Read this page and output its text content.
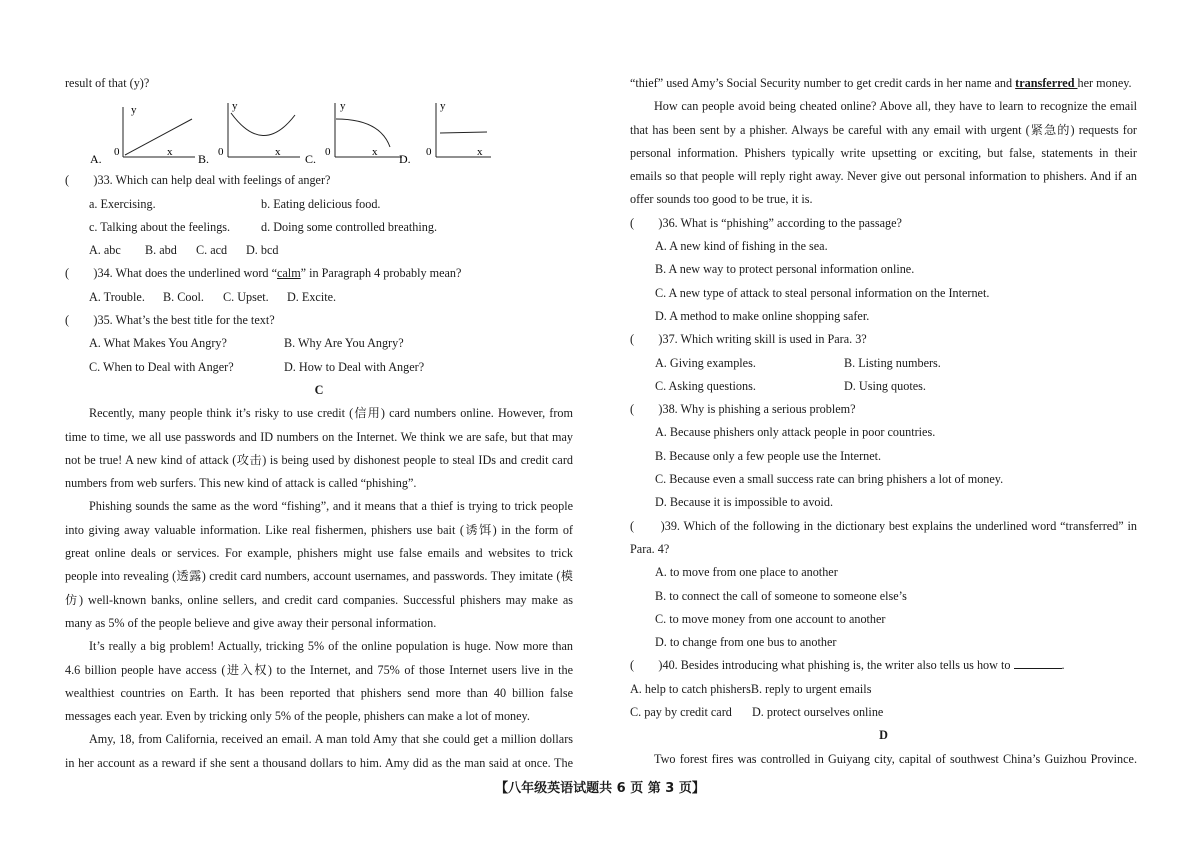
result of that (y)?
A.
y
x
0	B.
y
x
0	C.
y
x
0	D.
y
x
0
(　　)33. Which can help deal with feelings of anger?
a. Exercising.	b. Eating delicious food.
c. Talking about the feelings.	d. Doing some controlled breathing.
A. abc	B. abd	C. acd	D. bcd
(　　)34. What does the underlined word “calm” in Paragraph 4 probably mean?
A. Trouble.	B. Cool.	C. Upset.	D. Excite.
(　　)35. What’s the best title for the text?
A. What Makes You Angry?	B. Why Are You Angry?
C. When to Deal with Anger?	D. How to Deal with Anger?
C
Recently, many people think it’s risky to use credit (信用) card numbers online. However, from
time to time, we all use passwords and ID numbers on the Internet. We think we are safe, but that may
not be true! A new kind of attack (攻击) is being used by dishonest people to steal IDs and credit card
numbers from web surfers. This new kind of attack is called “phishing”.
Phishing sounds the same as the word “fishing”, and it means that a thief is trying to trick people
into giving away valuable information. Like real fishermen, phishers use bait (诱饵) in the form of
great online deals or services. For example, phishers might use false emails and websites to trick
people into revealing (透露) credit card numbers, account usernames, and passwords. They imitate (模
仿) well-known banks, online sellers, and credit card companies. Successful phishers may make as
many as 5% of the people believe and give away their personal information.
It’s really a big problem! Actually, tricking 5% of the online population is huge. Now more than
4.6 billion people have access (进入权) to the Internet, and 75% of those Internet users live in the
wealthiest countries on Earth. It has been reported that phishers send more than 40 billion false
messages each year. Even by tricking only 5% of the people, phishers can make a lot of money.
Amy, 18, from California, received an email. A man told Amy that she could get a million dollars
in her account as a reward if she sent a thousand dollars to him. Amy did as the man said at once. The
“thief” used Amy’s Social Security number to get credit cards in her name and transferred her money.
How can people avoid being cheated online? Above all, they have to learn to recognize the email
that has been sent by a phisher. Always be careful with any email with urgent (紧急的) requests for
personal information. Phishers typically write upsetting or exciting, but false, statements in their
emails so that people will reply right away. Never give out personal information to phishers. And if an
offer sounds too good to be true, it is.
(　　)36. What is “phishing” according to the passage?
A. A new kind of fishing in the sea.
B. A new way to protect personal information online.
C. A new type of attack to steal personal information on the Internet.
D. A method to make online shopping safer.
(　　)37. Which writing skill is used in Para. 3?
A. Giving examples.	B. Listing numbers.
C. Asking questions.	D. Using quotes.
(　　)38. Why is phishing a serious problem?
A. Because phishers only attack people in poor countries.
B. Because only a few people use the Internet.
C. Because even a small success rate can bring phishers a lot of money.
D. Because it is impossible to avoid.
(　　)39. Which of the following in the dictionary best explains the underlined word “transferred” in
Para. 4?
A. to move from one place to another
B. to connect the call of someone to someone else’s
C. to move money from one account to another
D. to change from one bus to another
(　　)40. Besides introducing what phishing is, the writer also tells us how to	.
A. help to catch phishersB. reply to urgent emails
C. pay by credit card	D. protect ourselves online
D
Two forest fires was controlled in Guiyang city, capital of southwest China’s Guizhou Province.
【八年级英语试题共 6 页 第 3 页】
